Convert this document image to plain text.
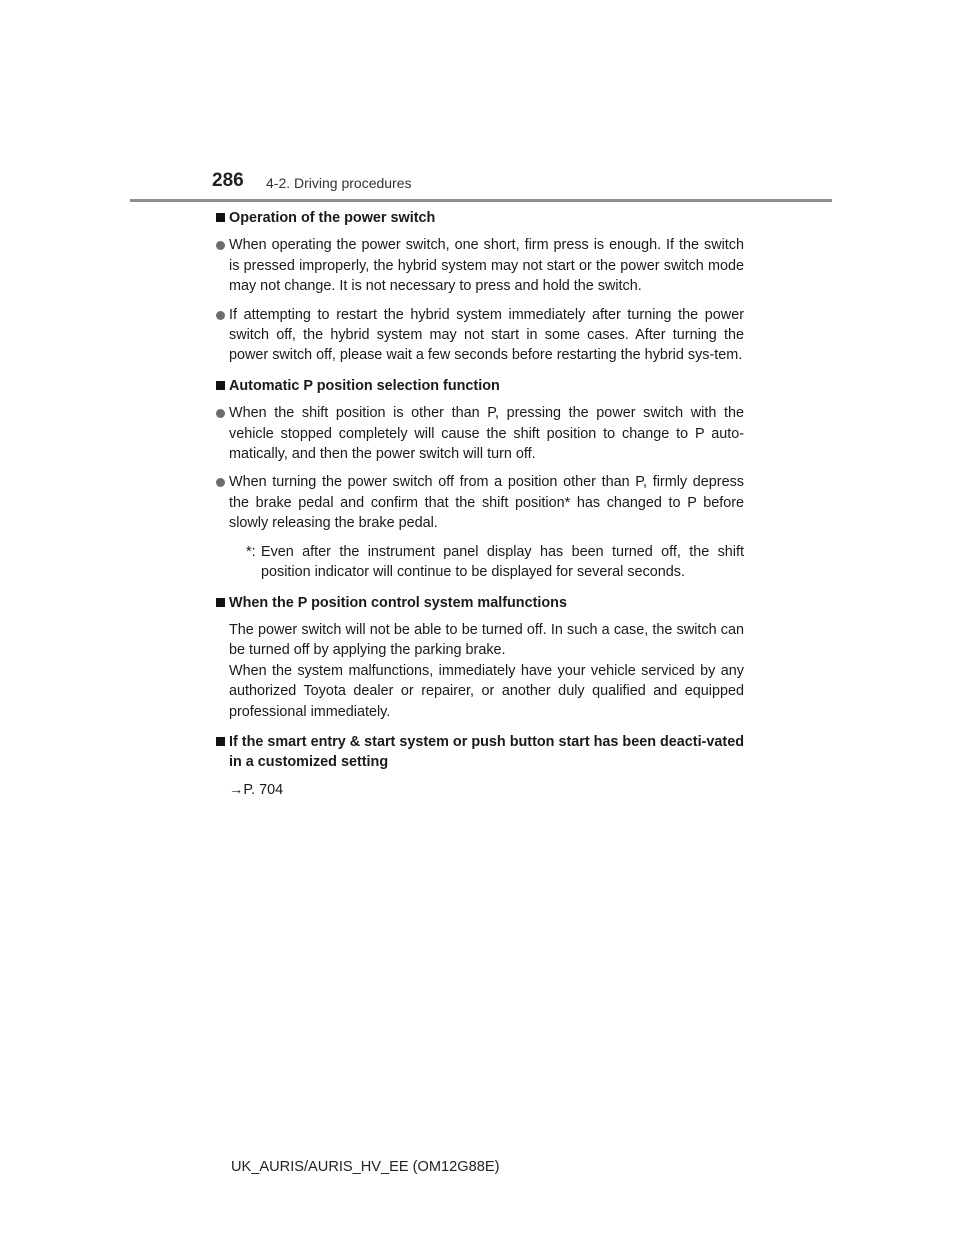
286 4-2. Driving procedures
Operation of the power switch
When operating the power switch, one short, firm press is enough. If the switch is pressed improperly, the hybrid system may not start or the power switch mode may not change. It is not necessary to press and hold the switch.
If attempting to restart the hybrid system immediately after turning the power switch off, the hybrid system may not start in some cases. After turning the power switch off, please wait a few seconds before restarting the hybrid sys-tem.
Automatic P position selection function
When the shift position is other than P, pressing the power switch with the vehicle stopped completely will cause the shift position to change to P auto-matically, and then the power switch will turn off.
When turning the power switch off from a position other than P, firmly depress the brake pedal and confirm that the shift position* has changed to P before slowly releasing the brake pedal.
*: Even after the instrument panel display has been turned off, the shift position indicator will continue to be displayed for several seconds.
When the P position control system malfunctions
The power switch will not be able to be turned off. In such a case, the switch can be turned off by applying the parking brake.
When the system malfunctions, immediately have your vehicle serviced by any authorized Toyota dealer or repairer, or another duly qualified and equipped professional immediately.
If the smart entry & start system or push button start has been deacti-vated in a customized setting
→P. 704
UK_AURIS/AURIS_HV_EE (OM12G88E)
